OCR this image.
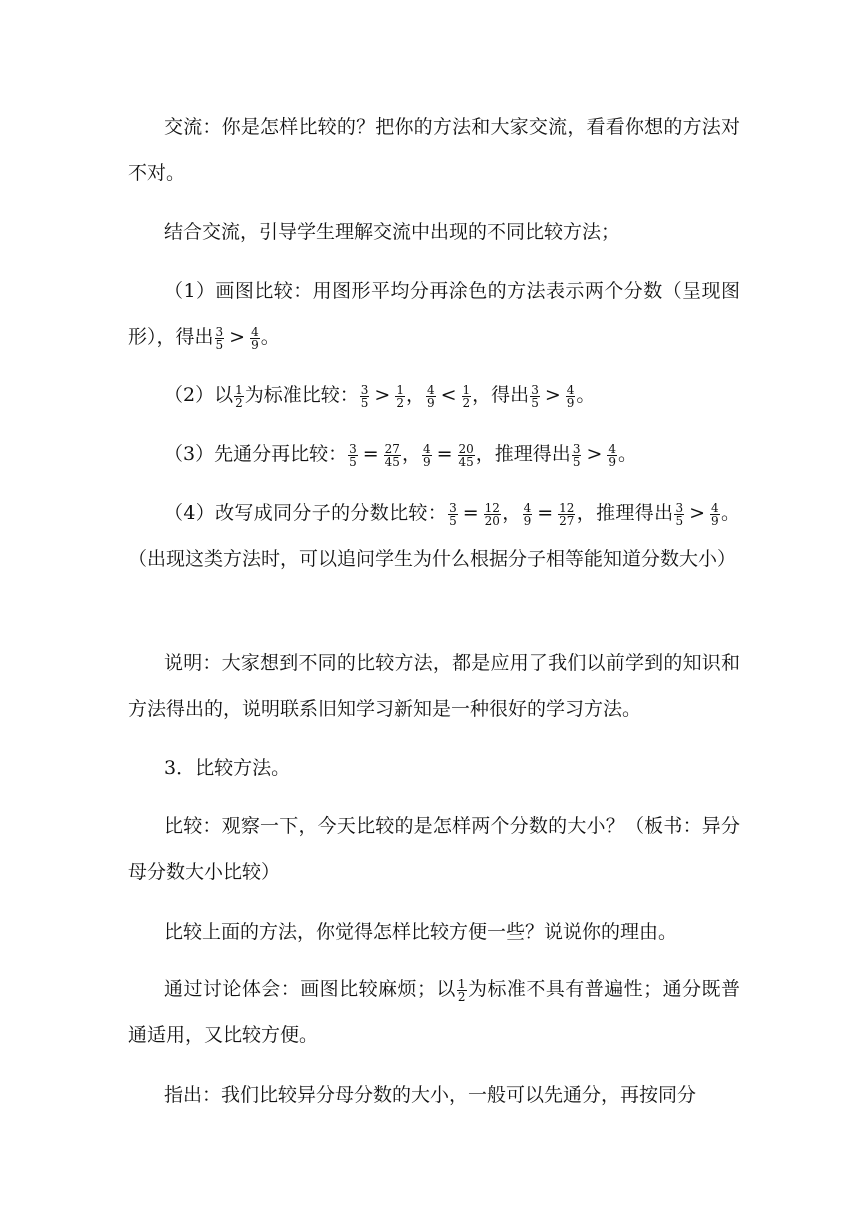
交流：你是怎样比较的？把你的方法和大家交流，看看你想的方法对不对。

结合交流，引导学生理解交流中出现的不同比较方法；

（1）画图比较：用图形平均分再涂色的方法表示两个分数（呈现图形），得出 $\frac{3}{5} > \frac{4}{9}$ 。

（2）以 $\frac{1}{2}$ 为标准比较： $\frac{3}{5} > \frac{1}{2}$ ， $\frac{4}{9} < \frac{1}{2}$ ，得出 $\frac{3}{5} > \frac{4}{9}$ 。

（3）先通分再比较： $\frac{3}{5} = \frac{27}{45}$ ， $\frac{4}{9} = \frac{20}{45}$ ，推理得出 $\frac{3}{5} > \frac{4}{9}$ 。

（4）改写成同分子的分数比较： $\frac{3}{5} = \frac{12}{20}$ ， $\frac{4}{9} = \frac{12}{27}$ ，推理得出 $\frac{3}{5} > \frac{4}{9}$ 。（出现这类方法时，可以追问学生为什么根据分子相等能知道分数大小）

说明：大家想到不同的比较方法，都是应用了我们以前学到的知识和方法得出的，说明联系旧知学习新知是一种很好的学习方法。

3．比较方法。

比较：观察一下，今天比较的是怎样两个分数的大小？（板书：异分母分数大小比较）

比较上面的方法，你觉得怎样比较方便一些？说说你的理由。

通过讨论体会：画图比较麻烦；以 $\frac{1}{2}$ 为标准不具有普遍性；通分既普通适用，又比较方便。

指出：我们比较异分母分数的大小，一般可以先通分，再按同分
